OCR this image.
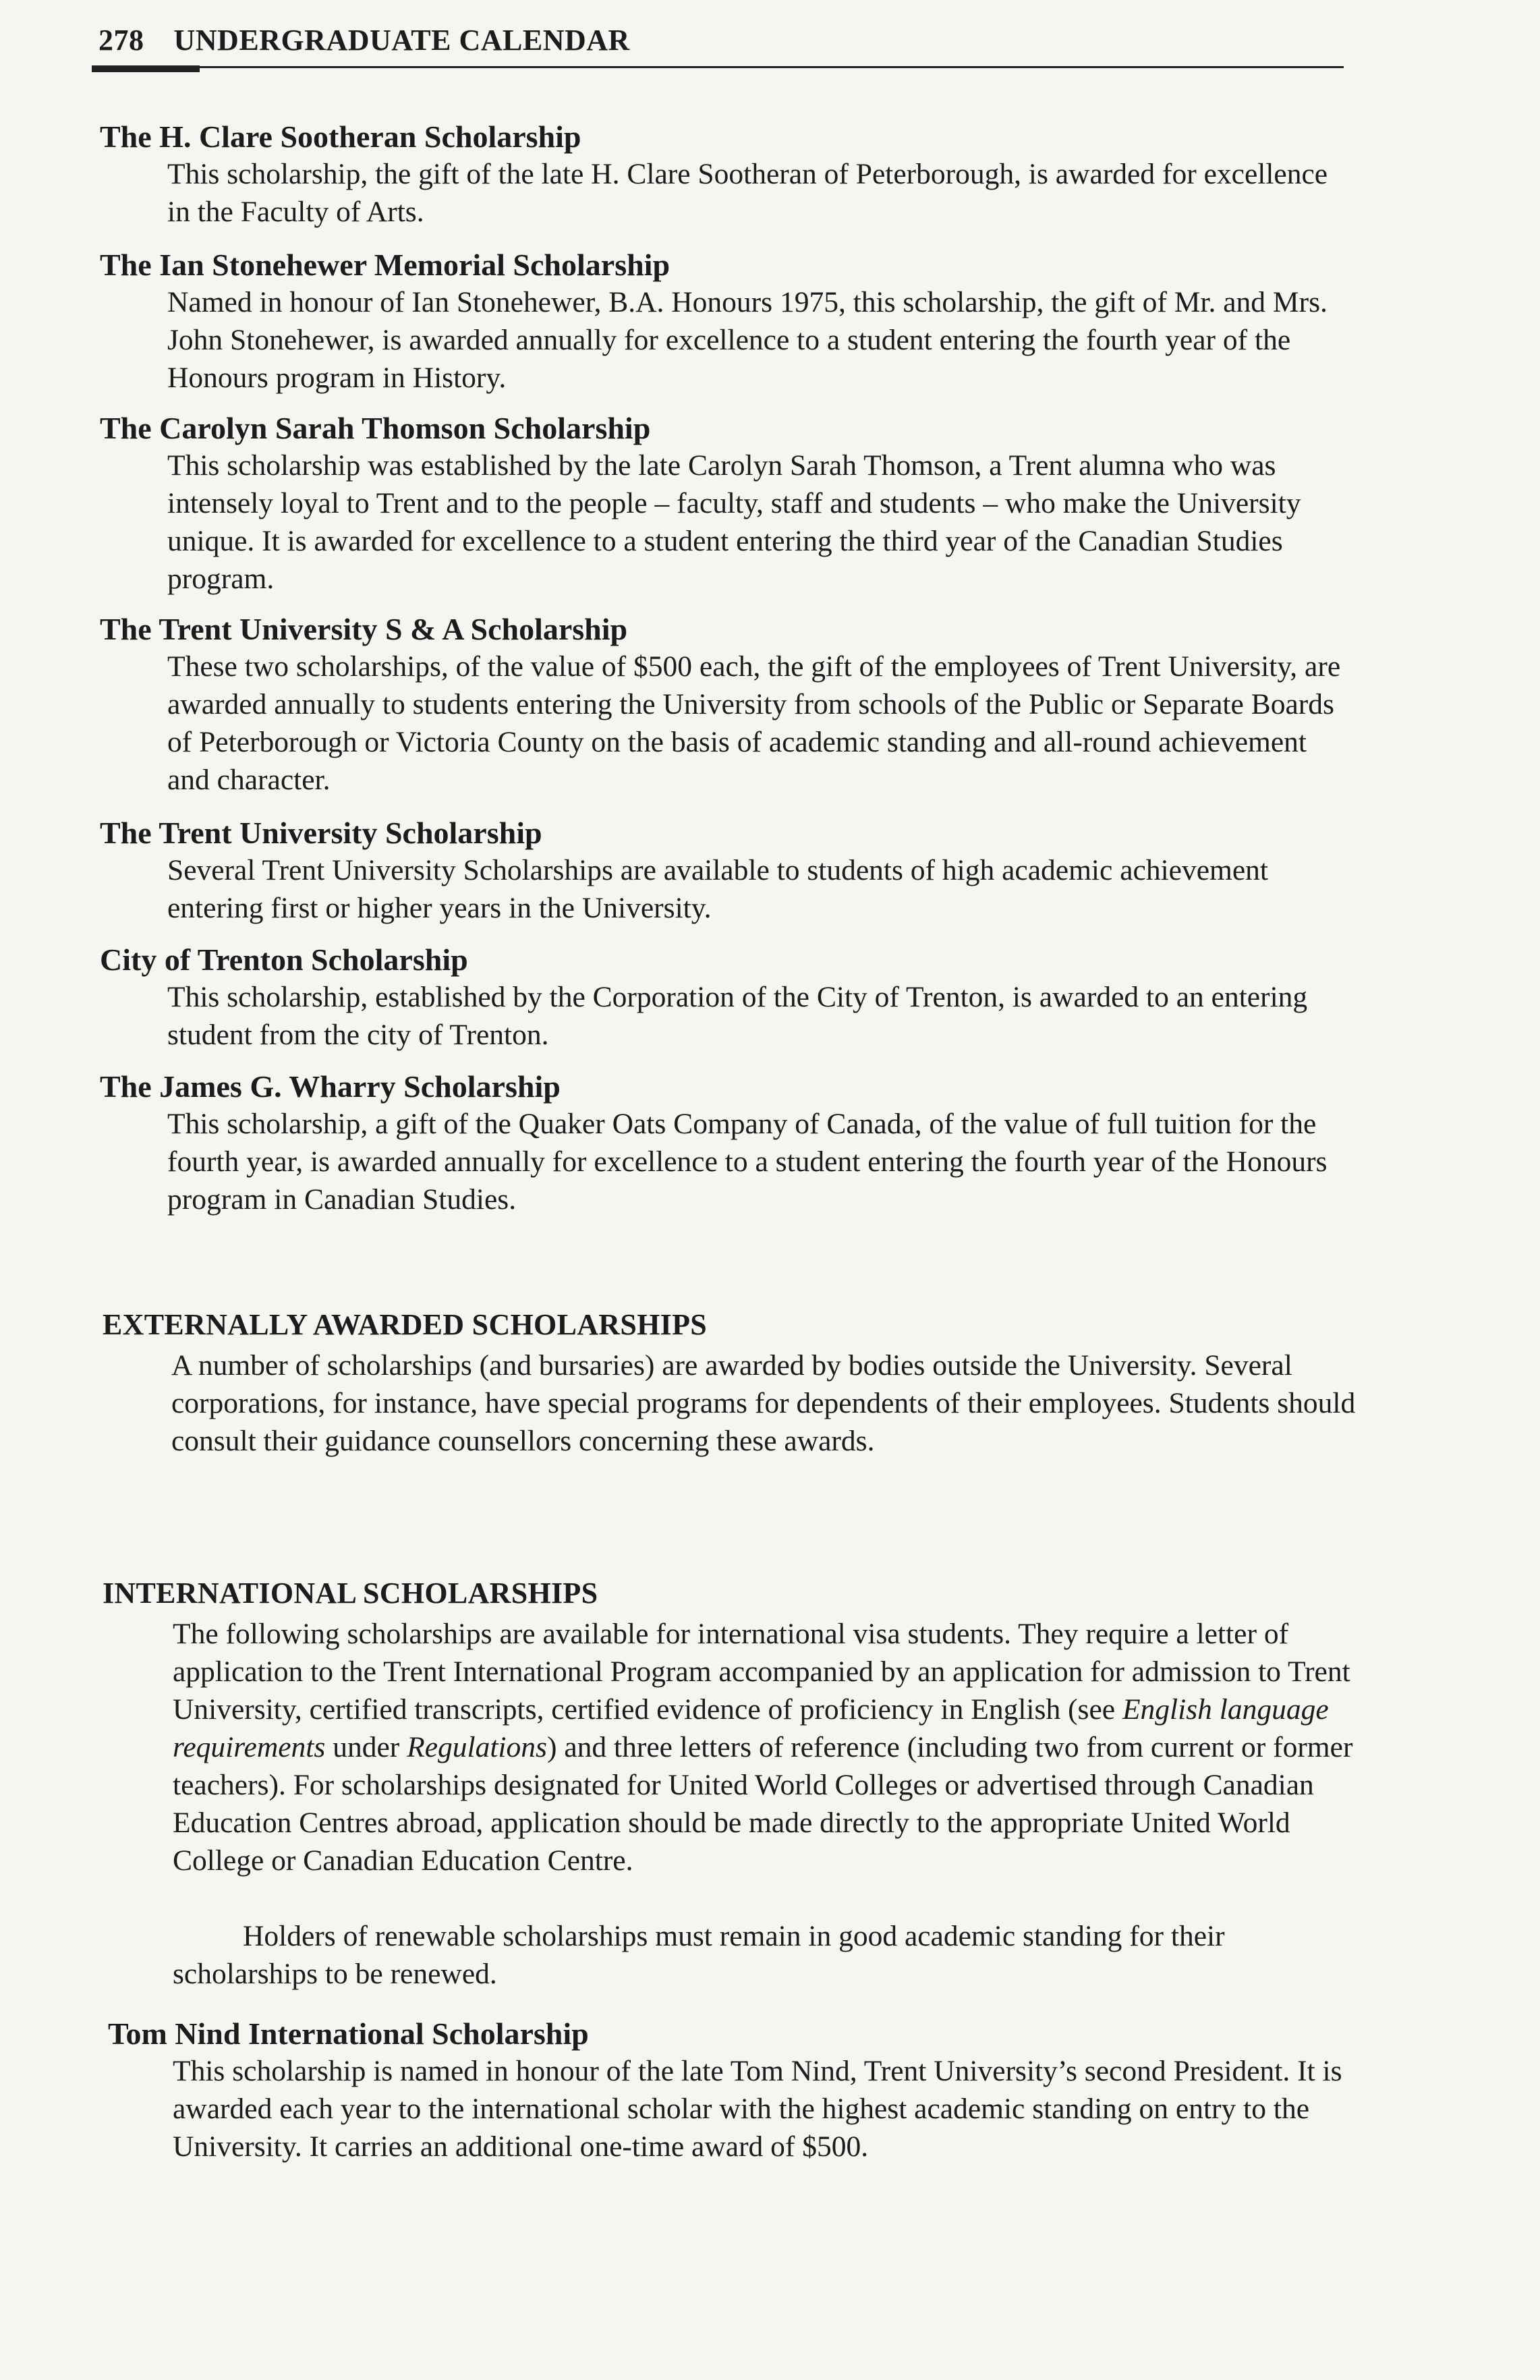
278 UNDERGRADUATE CALENDAR
The H. Clare Sootheran Scholarship
This scholarship, the gift of the late H. Clare Sootheran of Peterborough, is awarded for excellence in the Faculty of Arts.
The Ian Stonehewer Memorial Scholarship
Named in honour of Ian Stonehewer, B.A. Honours 1975, this scholarship, the gift of Mr. and Mrs. John Stonehewer, is awarded annually for excellence to a student entering the fourth year of the Honours program in History.
The Carolyn Sarah Thomson Scholarship
This scholarship was established by the late Carolyn Sarah Thomson, a Trent alumna who was intensely loyal to Trent and to the people – faculty, staff and students – who make the University unique. It is awarded for excellence to a student entering the third year of the Canadian Studies program.
The Trent University S & A Scholarship
These two scholarships, of the value of $500 each, the gift of the employees of Trent University, are awarded annually to students entering the University from schools of the Public or Separate Boards of Peterborough or Victoria County on the basis of academic standing and all-round achievement and character.
The Trent University Scholarship
Several Trent University Scholarships are available to students of high academic achievement entering first or higher years in the University.
City of Trenton Scholarship
This scholarship, established by the Corporation of the City of Trenton, is awarded to an entering student from the city of Trenton.
The James G. Wharry Scholarship
This scholarship, a gift of the Quaker Oats Company of Canada, of the value of full tuition for the fourth year, is awarded annually for excellence to a student entering the fourth year of the Honours program in Canadian Studies.
EXTERNALLY AWARDED SCHOLARSHIPS
A number of scholarships (and bursaries) are awarded by bodies outside the University. Several corporations, for instance, have special programs for dependents of their employees. Students should consult their guidance counsellors concerning these awards.
INTERNATIONAL SCHOLARSHIPS
The following scholarships are available for international visa students. They require a letter of application to the Trent International Program accompanied by an application for admission to Trent University, certified transcripts, certified evidence of proficiency in English (see English language requirements under Regulations) and three letters of reference (including two from current or former teachers). For scholarships designated for United World Colleges or advertised through Canadian Education Centres abroad, application should be made directly to the appropriate United World College or Canadian Education Centre.
Holders of renewable scholarships must remain in good academic standing for their scholarships to be renewed.
Tom Nind International Scholarship
This scholarship is named in honour of the late Tom Nind, Trent University’s second President. It is awarded each year to the international scholar with the highest academic standing on entry to the University. It carries an additional one-time award of $500.
